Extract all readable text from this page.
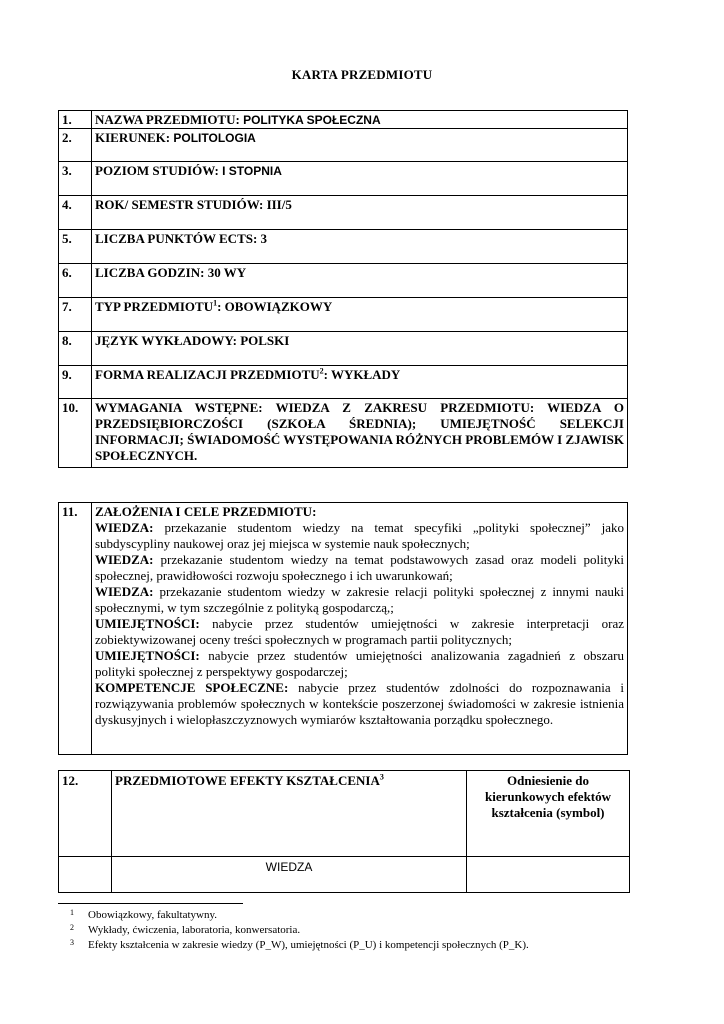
KARTA PRZEDMIOTU
1.	NAZWA PRZEDMIOTU: POLITYKA SPOŁECZNA
2.	KIERUNEK: POLITOLOGIA
3.	POZIOM STUDIÓW: I STOPNIA
4.	ROK/ SEMESTR STUDIÓW: III/5
5.	LICZBA PUNKTÓW ECTS: 3
6.	LICZBA GODZIN: 30 WY
7.	TYP PRZEDMIOTU$^1$: OBOWIĄZKOWY
8.	JĘZYK WYKŁADOWY: POLSKI
9.	FORMA REALIZACJI PRZEDMIOTU$^2$: WYKŁADY
10.	WYMAGANIA WSTĘPNE: WIEDZA Z ZAKRESU PRZEDMIOTU: WIEDZA O PRZEDSIĘBIORCZOŚCI (SZKOŁA ŚREDNIA); UMIEJĘTNOŚĆ SELEKCJI INFORMACJI; ŚWIADOMOŚĆ WYSTĘPOWANIA RÓŻNYCH PROBLEMÓW I ZJAWISK SPOŁECZNYCH.
11.	ZAŁOŻENIA I CELE PRZEDMIOTU:
WIEDZA: przekazanie studentom wiedzy na temat specyfiki „polityki społecznej” jako subdyscypliny naukowej oraz jej miejsca w systemie nauk społecznych;
WIEDZA: przekazanie studentom wiedzy na temat podstawowych zasad oraz modeli polityki społecznej, prawidłowości rozwoju społecznego i ich uwarunkowań;
WIEDZA: przekazanie studentom wiedzy w zakresie relacji polityki społecznej z innymi nauki społecznymi, w tym szczególnie z polityką gospodarczą,;
UMIEJĘTNOŚCI: nabycie przez studentów umiejętności w zakresie interpretacji oraz zobiektywizowanej oceny treści społecznych w programach partii politycznych;
UMIEJĘTNOŚCI: nabycie przez studentów umiejętności analizowania zagadnień z obszaru polityki społecznej z perspektywy gospodarczej;
KOMPETENCJE SPOŁECZNE: nabycie przez studentów zdolności do rozpoznawania i rozwiązywania problemów społecznych w kontekście poszerzonej świadomości w zakresie istnienia dyskusyjnych i wielopłaszczyznowych wymiarów kształtowania porządku społecznego.
12.	PRZEDMIOTOWE EFEKTY KSZTAŁCENIA$^3$	Odniesienie do kierunkowych efektów kształcenia (symbol)
	WIEDZA	
1	Obowiązkowy, fakultatywny.
2	Wykłady, ćwiczenia, laboratoria, konwersatoria.
3	Efekty kształcenia w zakresie wiedzy (P_W), umiejętności (P_U) i kompetencji społecznych (P_K).
